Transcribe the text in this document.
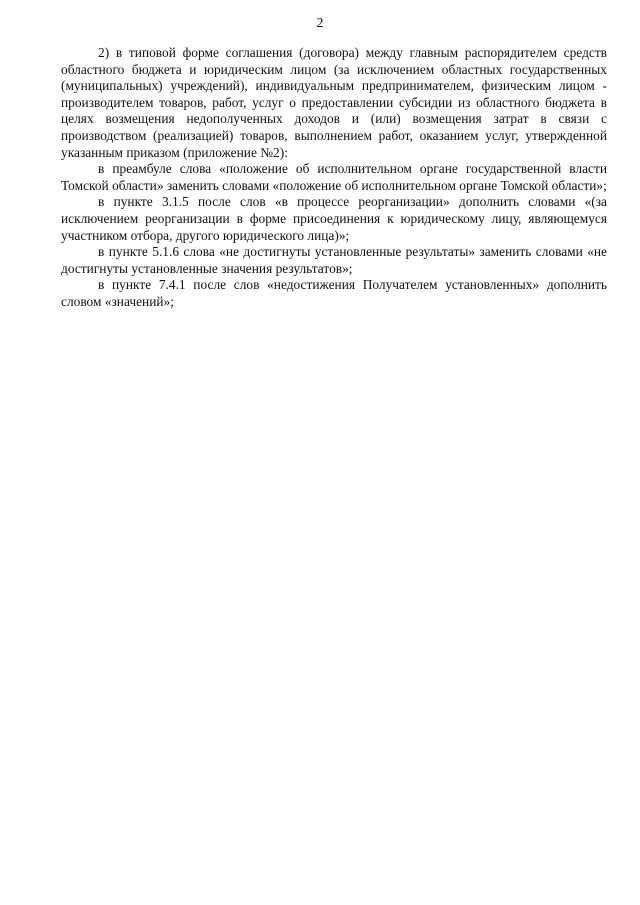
2

2) в типовой форме соглашения (договора) между главным распорядителем средств областного бюджета и юридическим лицом (за исключением областных государственных (муниципальных) учреждений), индивидуальным предпринимателем, физическим лицом - производителем товаров, работ, услуг о предоставлении субсидии из областного бюджета в целях возмещения недополученных доходов и (или) возмещения затрат в связи с производством (реализацией) товаров, выполнением работ, оказанием услуг, утвержденной указанным приказом (приложение №2):

в преамбуле слова «положение об исполнительном органе государственной власти Томской области» заменить словами «положение об исполнительном органе Томской области»;

в пункте 3.1.5 после слов «в процессе реорганизации» дополнить словами «(за исключением реорганизации в форме присоединения к юридическому лицу, являющемуся участником отбора, другого юридического лица)»;

в пункте 5.1.6 слова «не достигнуты установленные результаты» заменить словами «не достигнуты установленные значения результатов»;

в пункте 7.4.1 после слов «недостижения Получателем установленных» дополнить словом «значений»;
